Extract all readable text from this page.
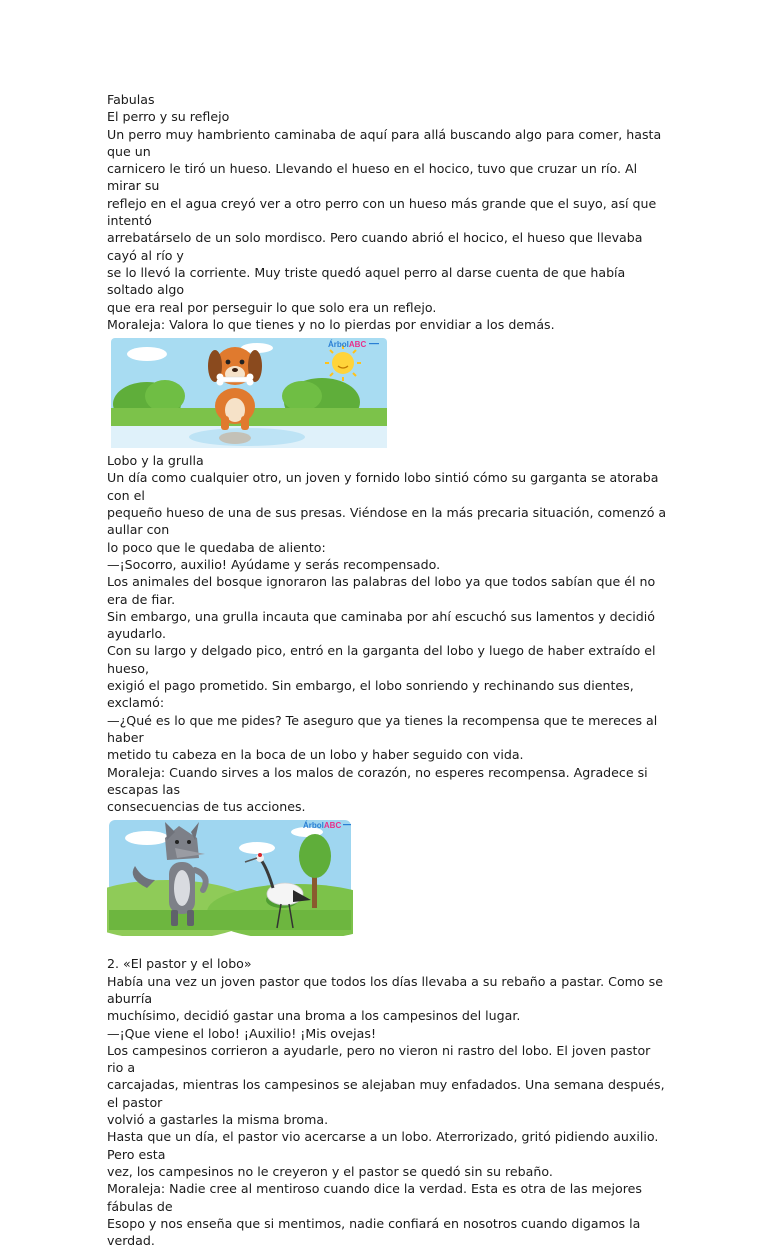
Fabulas

El perro y su reflejo

Un perro muy hambriento caminaba de aquí para allá buscando algo para comer, hasta que un

carnicero le tiró un hueso. Llevando el hueso en el hocico, tuvo que cruzar un río. Al mirar su

reflejo en el agua creyó ver a otro perro con un hueso más grande que el suyo, así que intentó

arrebatárselo de un solo mordisco. Pero cuando abrió el hocico, el hueso que llevaba cayó al río y

se lo llevó la corriente. Muy triste quedó aquel perro al darse cuenta de que había soltado algo

que era real por perseguir lo que solo era un reflejo.

Moraleja: Valora lo que tienes y no lo pierdas por envidiar a los demás.

ÁrbolABC

Lobo y la grulla

Un día como cualquier otro, un joven y fornido lobo sintió cómo su garganta se atoraba con el

pequeño hueso de una de sus presas. Viéndose en la más precaria situación, comenzó a aullar con

lo poco que le quedaba de aliento:

—¡Socorro, auxilio! Ayúdame y serás recompensado.

Los animales del bosque ignoraron las palabras del lobo ya que todos sabían que él no era de fiar.

Sin embargo, una grulla incauta que caminaba por ahí escuchó sus lamentos y decidió ayudarlo.

Con su largo y delgado pico, entró en la garganta del lobo y luego de haber extraído el hueso,

exigió el pago prometido. Sin embargo, el lobo sonriendo y rechinando sus dientes, exclamó:

—¿Qué es lo que me pides? Te aseguro que ya tienes la recompensa que te mereces al haber

metido tu cabeza en la boca de un lobo y haber seguido con vida.

Moraleja: Cuando sirves a los malos de corazón, no esperes recompensa. Agradece si escapas las

consecuencias de tus acciones.

ÁrbolABC

2. «El pastor y el lobo»

Había una vez un joven pastor que todos los días llevaba a su rebaño a pastar. Como se aburría

muchísimo, decidió gastar una broma a los campesinos del lugar.

—¡Que viene el lobo! ¡Auxilio! ¡Mis ovejas!

Los campesinos corrieron a ayudarle, pero no vieron ni rastro del lobo. El joven pastor rio a

carcajadas, mientras los campesinos se alejaban muy enfadados. Una semana después, el pastor

volvió a gastarles la misma broma.

Hasta que un día, el pastor vio acercarse a un lobo. Aterrorizado, gritó pidiendo auxilio. Pero esta

vez, los campesinos no le creyeron y el pastor se quedó sin su rebaño.

Moraleja: Nadie cree al mentiroso cuando dice la verdad. Esta es otra de las mejores fábulas de

Esopo y nos enseña que si mentimos, nadie confiará en nosotros cuando digamos la verdad.
